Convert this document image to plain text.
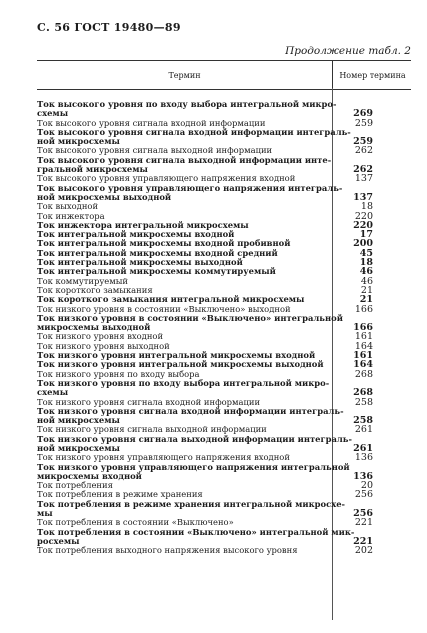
С. 56 ГОСТ 19480—89
Продолжение табл. 2
Термин	Номер термина
Ток высокого уровня по входу выбора интегральной микро-
схемы	269
Ток высокого уровня сигнала входной информации	259
Ток высокого уровня сигнала входной информации интеграль-
ной микросхемы	259
Ток высокого уровня сигнала выходной информации	262
Ток высокого уровня сигнала выходной информации инте-
гральной микросхемы	262
Ток высокого уровня управляющего напряжения входной	137
Ток высокого уровня управляющего напряжения интеграль-
ной микросхемы выходной	137
Ток выходной	18
Ток инжектора	220
Ток инжектора интегральной микросхемы	220
Ток интегральной микросхемы входной	17
Ток интегральной микросхемы входной пробивной	200
Ток интегральной микросхемы входной средний	45
Ток интегральной микросхемы выходной	18
Ток интегральной микросхемы коммутируемый	46
Ток коммутируемый	46
Ток короткого замыкания	21
Ток короткого замыкания интегральной микросхемы	21
Ток низкого уровня в состоянии «Выключено» выходной	166
Ток низкого уровня в состоянии «Выключено» интегральной
микросхемы выходной	166
Ток низкого уровня входной	161
Ток низкого уровня выходной	164
Ток низкого уровня интегральной микросхемы входной	161
Ток низкого уровня интегральной микросхемы выходной	164
Ток низкого уровня по входу выбора	268
Ток низкого уровня по входу выбора интегральной микро-
схемы	268
Ток низкого уровня сигнала входной информации	258
Ток низкого уровня сигнала входной информации интеграль-
ной микросхемы	258
Ток низкого уровня сигнала выходной информации	261
Ток низкого уровня сигнала выходной информации интеграль-
ной микросхемы	261
Ток низкого уровня управляющего напряжения входной	136
Ток низкого уровня управляющего напряжения интегральной
микросхемы входной	136
Ток потребления	20
Ток потребления в режиме хранения	256
Ток потребления в режиме хранения интегральной микросхе-
мы	256
Ток потребления в состоянии «Выключено»	221
Ток потребления в состоянии «Выключено» интегральной мик-
росхемы	221
Ток потребления выходного напряжения высокого уровня	202
